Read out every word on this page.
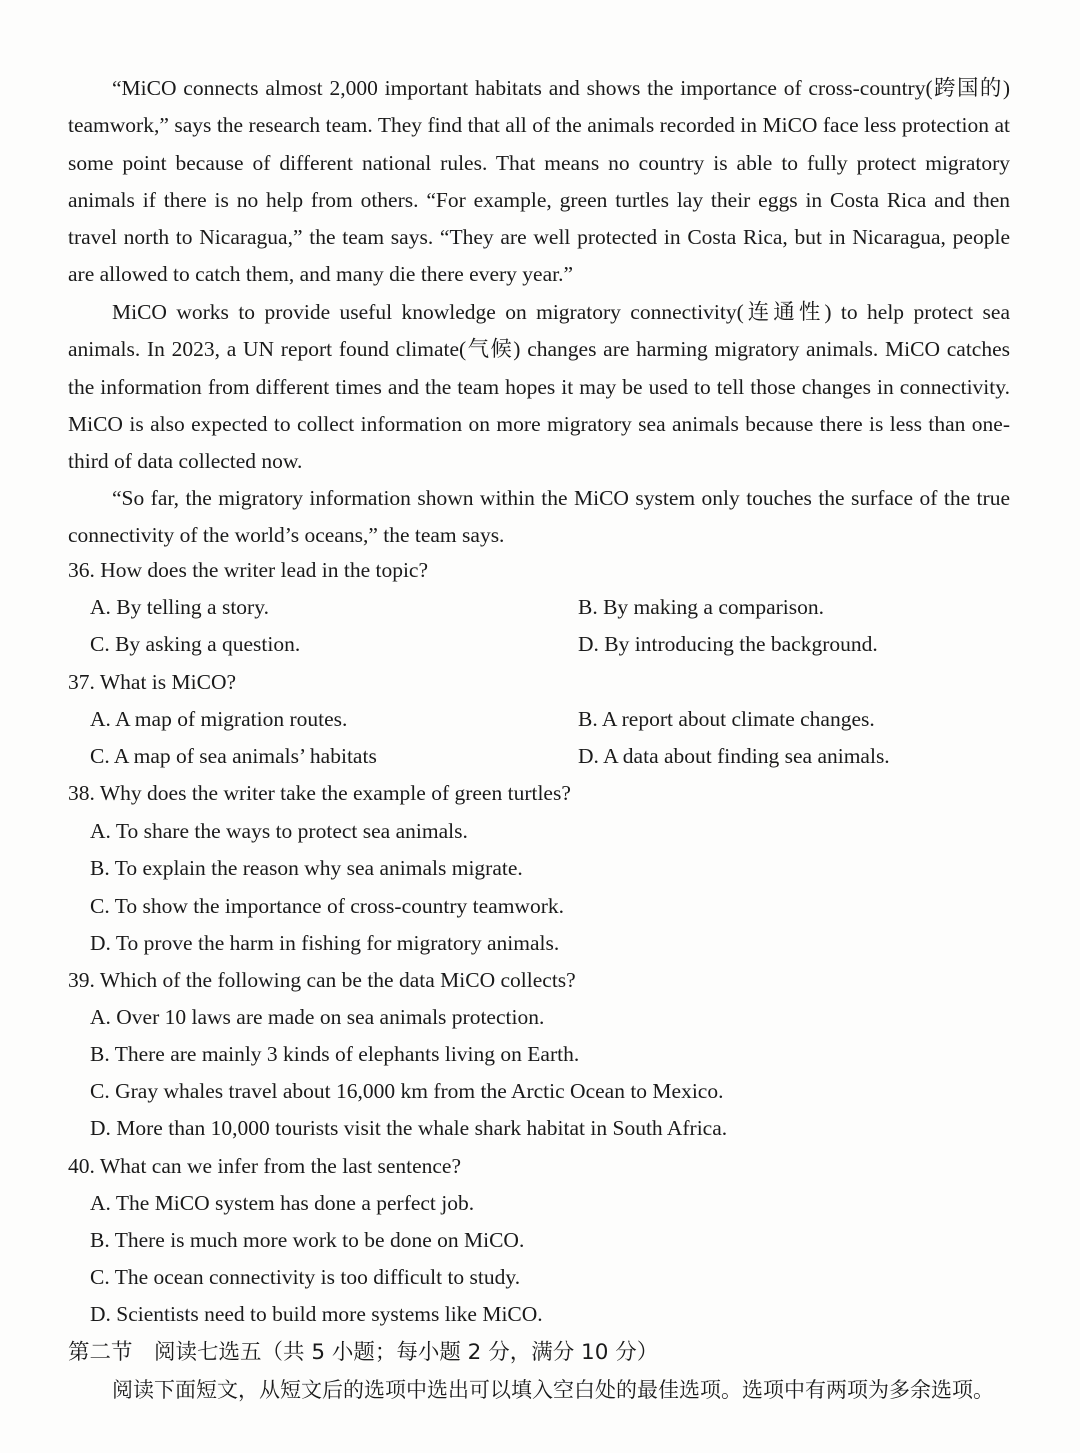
“MiCO connects almost 2,000 important habitats and shows the importance of cross-country(跨国的) teamwork,” says the research team. They find that all of the animals recorded in MiCO face less protection at some point because of different national rules. That means no country is able to fully protect migratory animals if there is no help from others. “For example, green turtles lay their eggs in Costa Rica and then travel north to Nicaragua,” the team says. “They are well protected in Costa Rica, but in Nicaragua, people are allowed to catch them, and many die there every year.”

MiCO works to provide useful knowledge on migratory connectivity(连通性) to help protect sea animals. In 2023, a UN report found climate(气候) changes are harming migratory animals. MiCO catches the information from different times and the team hopes it may be used to tell those changes in connectivity. MiCO is also expected to collect information on more migratory sea animals because there is less than one-third of data collected now.

“So far, the migratory information shown within the MiCO system only touches the surface of the true connectivity of the world’s oceans,” the team says.

36. How does the writer lead in the topic?

A. By telling a story.	B. By making a comparison.

C. By asking a question.	D. By introducing the background.

37. What is MiCO?

A. A map of migration routes.	B. A report about climate changes.

C. A map of sea animals’ habitats	D. A data about finding sea animals.

38. Why does the writer take the example of green turtles?

A. To share the ways to protect sea animals.

B. To explain the reason why sea animals migrate.

C. To show the importance of cross-country teamwork.

D. To prove the harm in fishing for migratory animals.

39. Which of the following can be the data MiCO collects?

A. Over 10 laws are made on sea animals protection.

B. There are mainly 3 kinds of elephants living on Earth.

C. Gray whales travel about 16,000 km from the Arctic Ocean to Mexico.

D. More than 10,000 tourists visit the whale shark habitat in South Africa.

40. What can we infer from the last sentence?

A. The MiCO system has done a perfect job.

B. There is much more work to be done on MiCO.

C. The ocean connectivity is too difficult to study.

D. Scientists need to build more systems like MiCO.

第二节　阅读七选五（共 5 小题；每小题 2 分，满分 10 分）

阅读下面短文，从短文后的选项中选出可以填入空白处的最佳选项。选项中有两项为多余选项。
